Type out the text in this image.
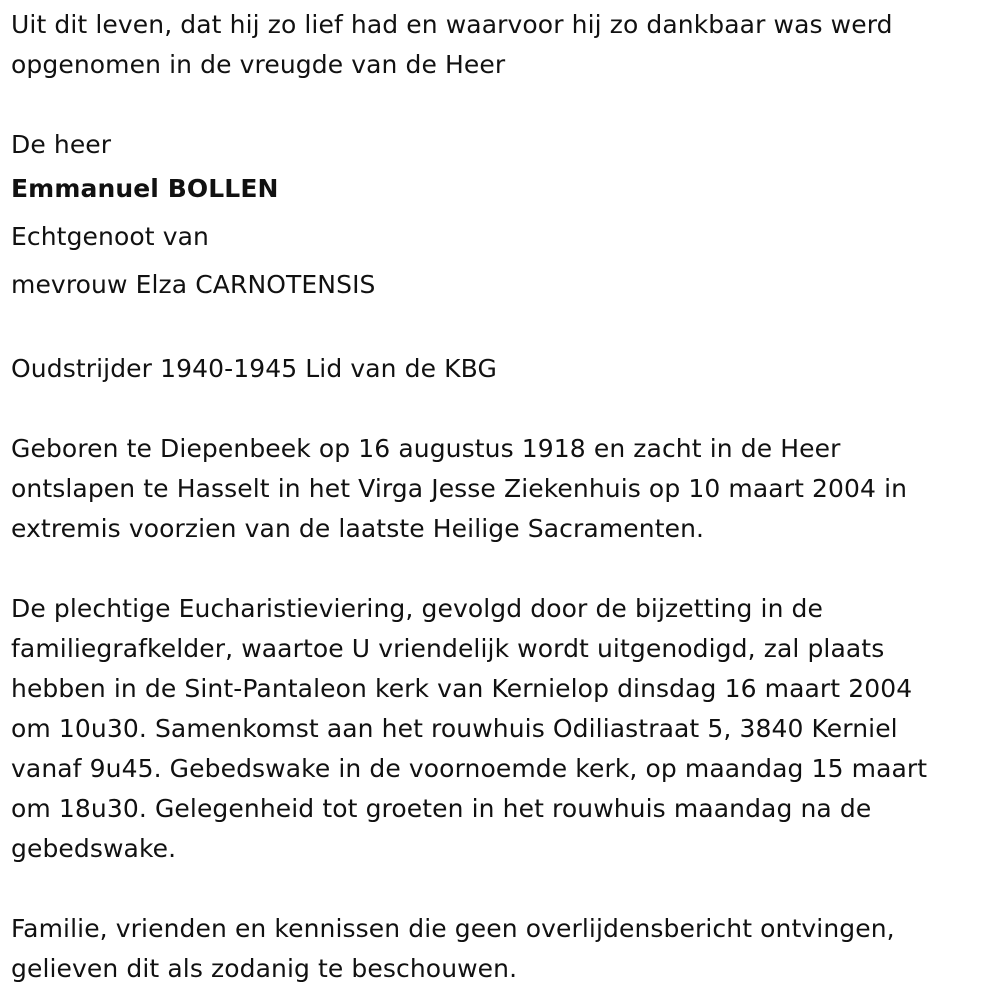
Uit dit leven, dat hij zo lief had en waarvoor hij zo dankbaar was werd

opgenomen in de vreugde van de Heer

De heer

Emmanuel BOLLEN

Echtgenoot van

mevrouw Elza CARNOTENSIS

Oudstrijder 1940-1945 Lid van de KBG

Geboren te Diepenbeek op 16 augustus 1918 en zacht in de Heer

ontslapen te Hasselt in het Virga Jesse Ziekenhuis op 10 maart 2004 in

extremis voorzien van de laatste Heilige Sacramenten.

De plechtige Eucharistieviering, gevolgd door de bijzetting in de

familiegrafkelder, waartoe U vriendelijk wordt uitgenodigd, zal plaats

hebben in de Sint-Pantaleon kerk van Kernielop dinsdag 16 maart 2004

om 10u30. Samenkomst aan het rouwhuis Odiliastraat 5, 3840 Kerniel

vanaf 9u45. Gebedswake in de voornoemde kerk, op maandag 15 maart

om 18u30. Gelegenheid tot groeten in het rouwhuis maandag na de

gebedswake.

Familie, vrienden en kennissen die geen overlijdensbericht ontvingen,

gelieven dit als zodanig te beschouwen.
